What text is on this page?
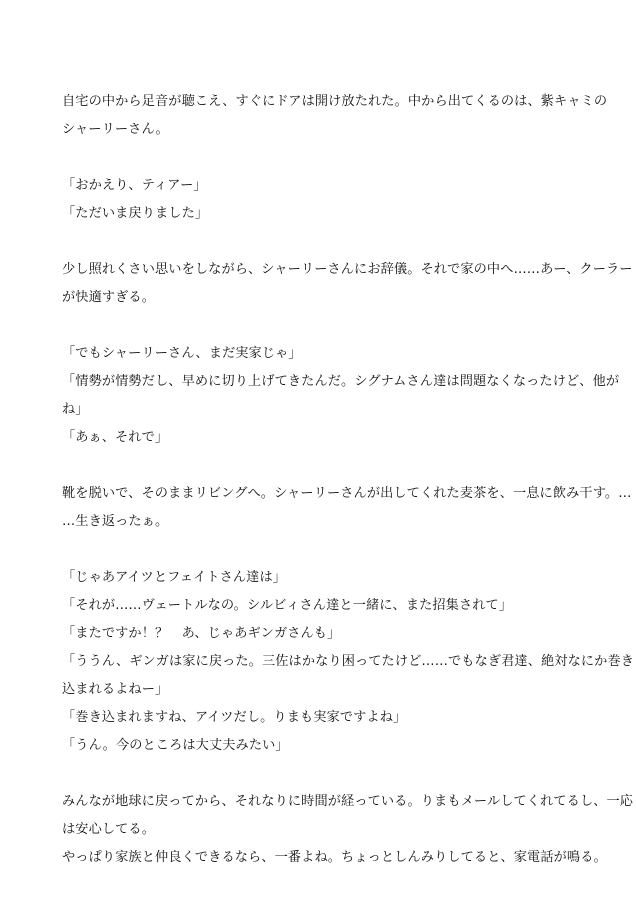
自宅の中から足音が聴こえ、すぐにドアは開け放たれた。中から出てくるのは、紫キャミの
シャーリーさん。
「おかえり、ティアー」
「ただいま戻りました」
少し照れくさい思いをしながら、シャーリーさんにお辞儀。それで家の中へ……あー、クーラー
が快適すぎる。
「でもシャーリーさん、まだ実家じゃ」
「情勢が情勢だし、早めに切り上げてきたんだ。シグナムさん達は問題なくなったけど、他が
ね」
「あぁ、それで」
靴を脱いで、そのままリビングへ。シャーリーさんが出してくれた麦茶を、一息に飲み干す。…
…生き返ったぁ。
「じゃあアイツとフェイトさん達は」
「それが……ヴェートルなの。シルビィさん達と一緒に、また招集されて」
「またですか！？　あ、じゃあギンガさんも」
「ううん、ギンガは家に戻った。三佐はかなり困ってたけど……でもなぎ君達、絶対なにか巻き
込まれるよねー」
「巻き込まれますね、アイツだし。りまも実家ですよね」
「うん。今のところは大丈夫みたい」
みんなが地球に戻ってから、それなりに時間が経っている。りまもメールしてくれてるし、一応
は安心してる。
やっぱり家族と仲良くできるなら、一番よね。ちょっとしんみりしてると、家電話が鳴る。
